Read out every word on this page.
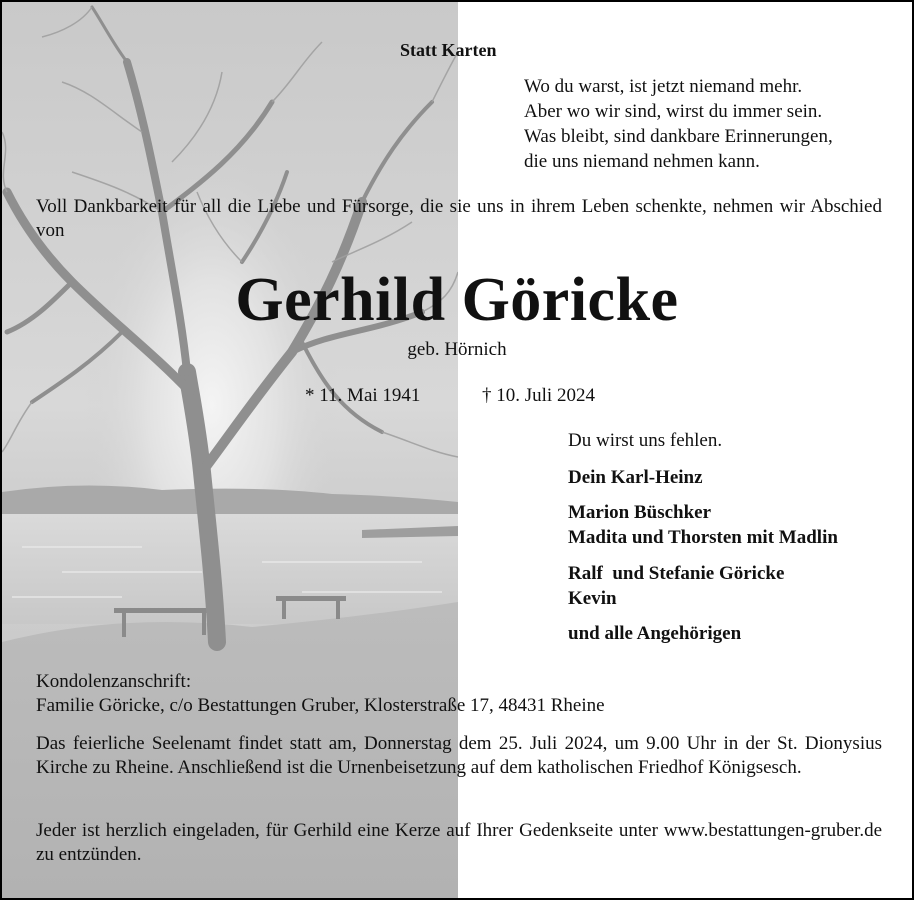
Statt Karten
Wo du warst, ist jetzt niemand mehr.
Aber wo wir sind, wirst du immer sein.
Was bleibt, sind dankbare Erinnerungen,
die uns niemand nehmen kann.
Voll Dankbarkeit für all die Liebe und Fürsorge, die sie uns in ihrem Leben schenkte, nehmen wir Abschied von
Gerhild Göricke
geb. Hörnich
* 11. Mai 1941	† 10. Juli 2024
Du wirst uns fehlen.
Dein Karl-Heinz
Marion Büschker
Madita und Thorsten mit Madlin
Ralf  und Stefanie Göricke
Kevin
und alle Angehörigen
Kondolenzanschrift:
Familie Göricke, c/o Bestattungen Gruber, Klosterstraße 17, 48431 Rheine
Das feierliche Seelenamt findet statt am, Donnerstag dem 25. Juli 2024, um 9.00 Uhr in der St. Dionysius Kirche zu Rheine. Anschließend ist die Urnenbeisetzung auf dem katholischen Friedhof Königsesch.
Jeder ist herzlich eingeladen, für Gerhild eine Kerze auf Ihrer Gedenkseite unter www.bestattungen-gruber.de zu entzünden.
